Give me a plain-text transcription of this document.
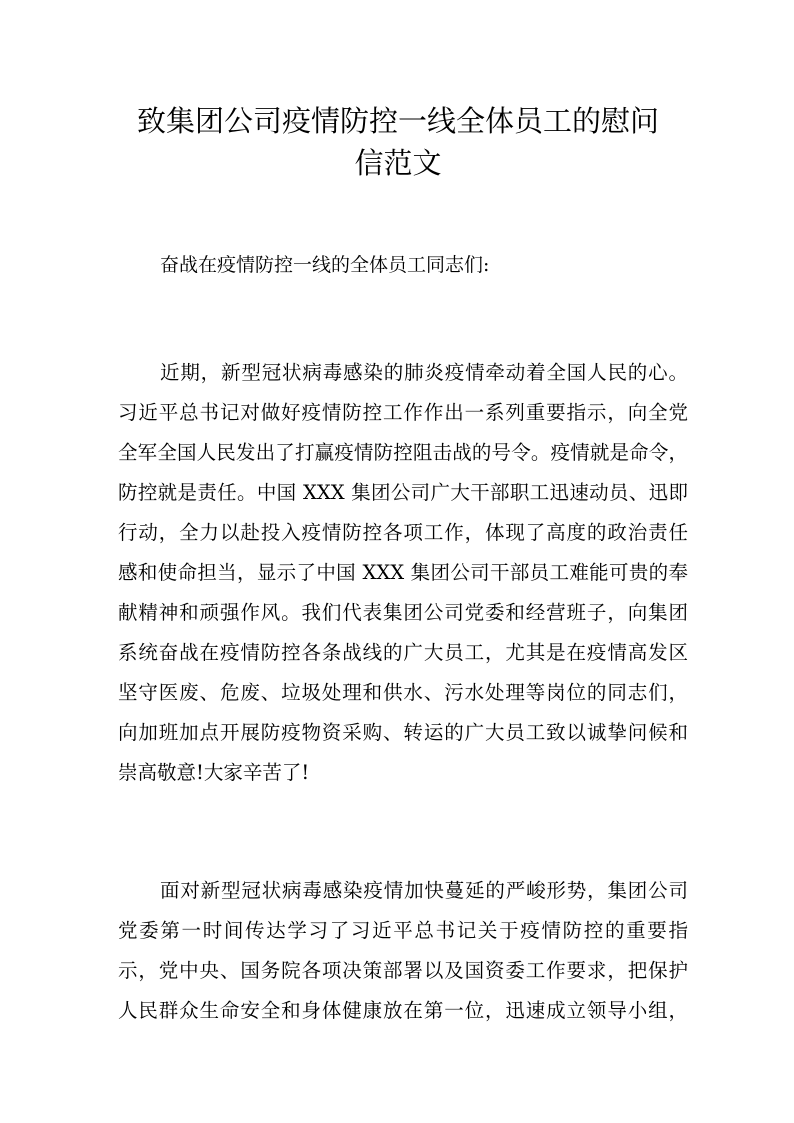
致集团公司疫情防控一线全体员工的慰问
信范文
奋战在疫情防控一线的全体员工同志们:
近期，新型冠状病毒感染的肺炎疫情牵动着全国人民的心。
习近平总书记对做好疫情防控工作作出一系列重要指示，向全党
全军全国人民发出了打赢疫情防控阻击战的号令。疫情就是命令，
防控就是责任。中国 XXX 集团公司广大干部职工迅速动员、迅即
行动，全力以赴投入疫情防控各项工作，体现了高度的政治责任
感和使命担当，显示了中国 XXX 集团公司干部员工难能可贵的奉
献精神和顽强作风。我们代表集团公司党委和经营班子，向集团
系统奋战在疫情防控各条战线的广大员工，尤其是在疫情高发区
坚守医废、危废、垃圾处理和供水、污水处理等岗位的同志们，
向加班加点开展防疫物资采购、转运的广大员工致以诚挚问候和
崇高敬意!大家辛苦了!
面对新型冠状病毒感染疫情加快蔓延的严峻形势，集团公司
党委第一时间传达学习了习近平总书记关于疫情防控的重要指
示，党中央、国务院各项决策部署以及国资委工作要求，把保护
人民群众生命安全和身体健康放在第一位，迅速成立领导小组，
